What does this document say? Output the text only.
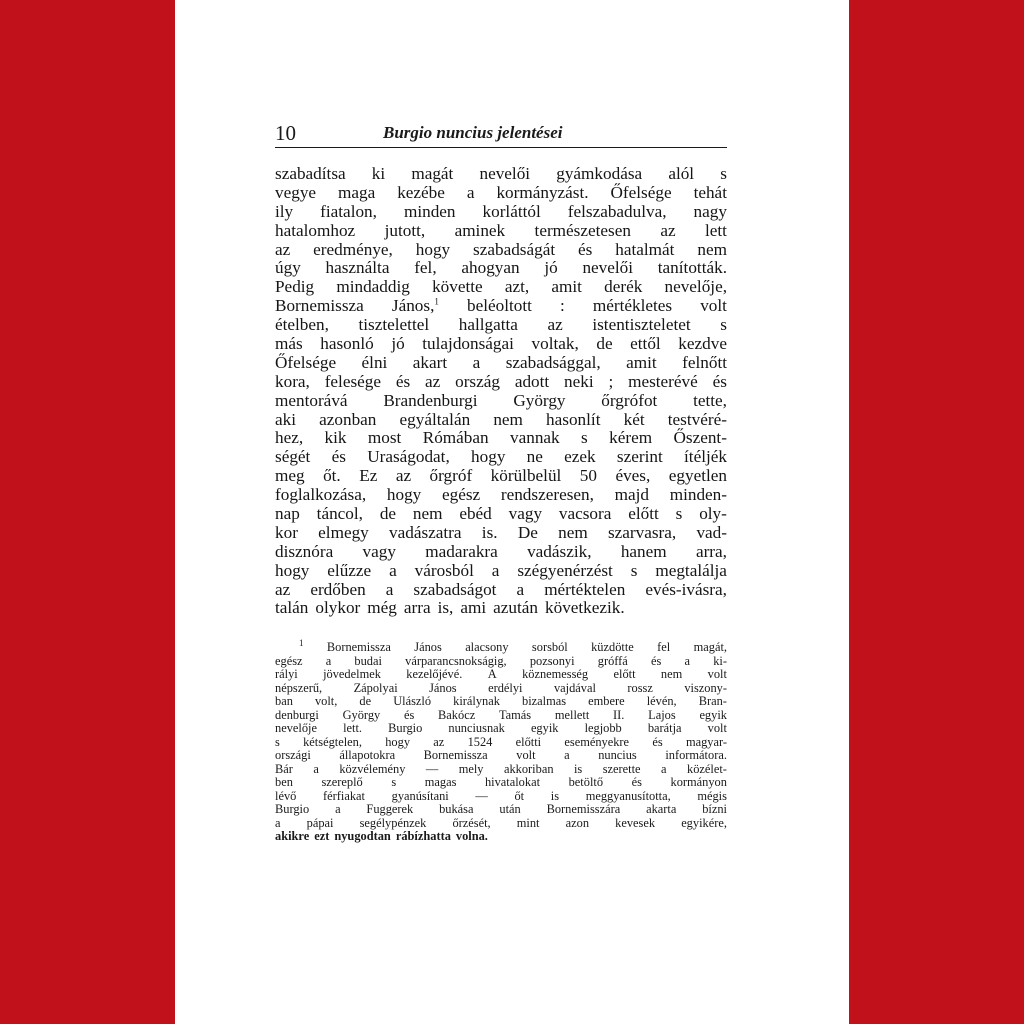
10	Burgio nuncius jelentései
szabadítsa ki magát nevelői gyámkodása alól s
vegye maga kezébe a kormányzást. Őfelsége tehát
ily fiatalon, minden korláttól felszabadulva, nagy
hatalomhoz jutott, aminek természetesen az lett
az eredménye, hogy szabadságát és hatalmát nem
úgy használta fel, ahogyan jó nevelői tanították.
Pedig mindaddig követte azt, amit derék nevelője,
Bornemissza János,$^1$ beléoltott : mértékletes volt
ételben, tisztelettel hallgatta az istentiszteletet s
más hasonló jó tulajdonságai voltak, de ettől kezdve
Őfelsége élni akart a szabadsággal, amit felnőtt
kora, felesége és az ország adott neki ; mesterévé és
mentorává Brandenburgi György őrgrófot tette,
aki azonban egyáltalán nem hasonlít két testvéré-
hez, kik most Rómában vannak s kérem Őszent-
ségét és Uraságodat, hogy ne ezek szerint ítéljék
meg őt. Ez az őrgróf körülbelül 50 éves, egyetlen
foglalkozása, hogy egész rendszeresen, majd minden-
nap táncol, de nem ebéd vagy vacsora előtt s oly-
kor elmegy vadászatra is. De nem szarvasra, vad-
disznóra vagy madarakra vadászik, hanem arra,
hogy elűzze a városból a szégyenérzést s megtalálja
az erdőben a szabadságot a mértéktelen evés-ivásra,
talán olykor még arra is, ami azután következik.
$^1$ Bornemissza János alacsony sorsból küzdötte fel magát,
egész a budai várparancsnokságig, pozsonyi gróffá és a ki-
rályi jövedelmek kezelőjévé. A köznemesség előtt nem volt
népszerű,	Zápolyai	János	erdélyi	vajdával	rossz	viszony-
ban volt, de Ulászló királynak bizalmas embere lévén, Bran-
denburgi György és Bakócz Tamás mellett II. Lajos egyik
nevelője lett. Burgio nunciusnak egyik legjobb barátja volt
s kétségtelen, hogy az 1524 előtti eseményekre és magyar-
országi állapotokra Bornemissza volt a nuncius informátora.
Bár a közvélemény — mely akkoriban is szerette a közélet-
ben szereplő s magas hivatalokat betöltő és kormányon
lévő férfiakat gyanúsítani — őt is meggyanusította, mégis
Burgio a Fuggerek bukása után Bornemisszára akarta bízni
a pápai segélypénzek őrzését, mint azon kevesek egyikére,
akikre ezt nyugodtan rábízhatta volna.
